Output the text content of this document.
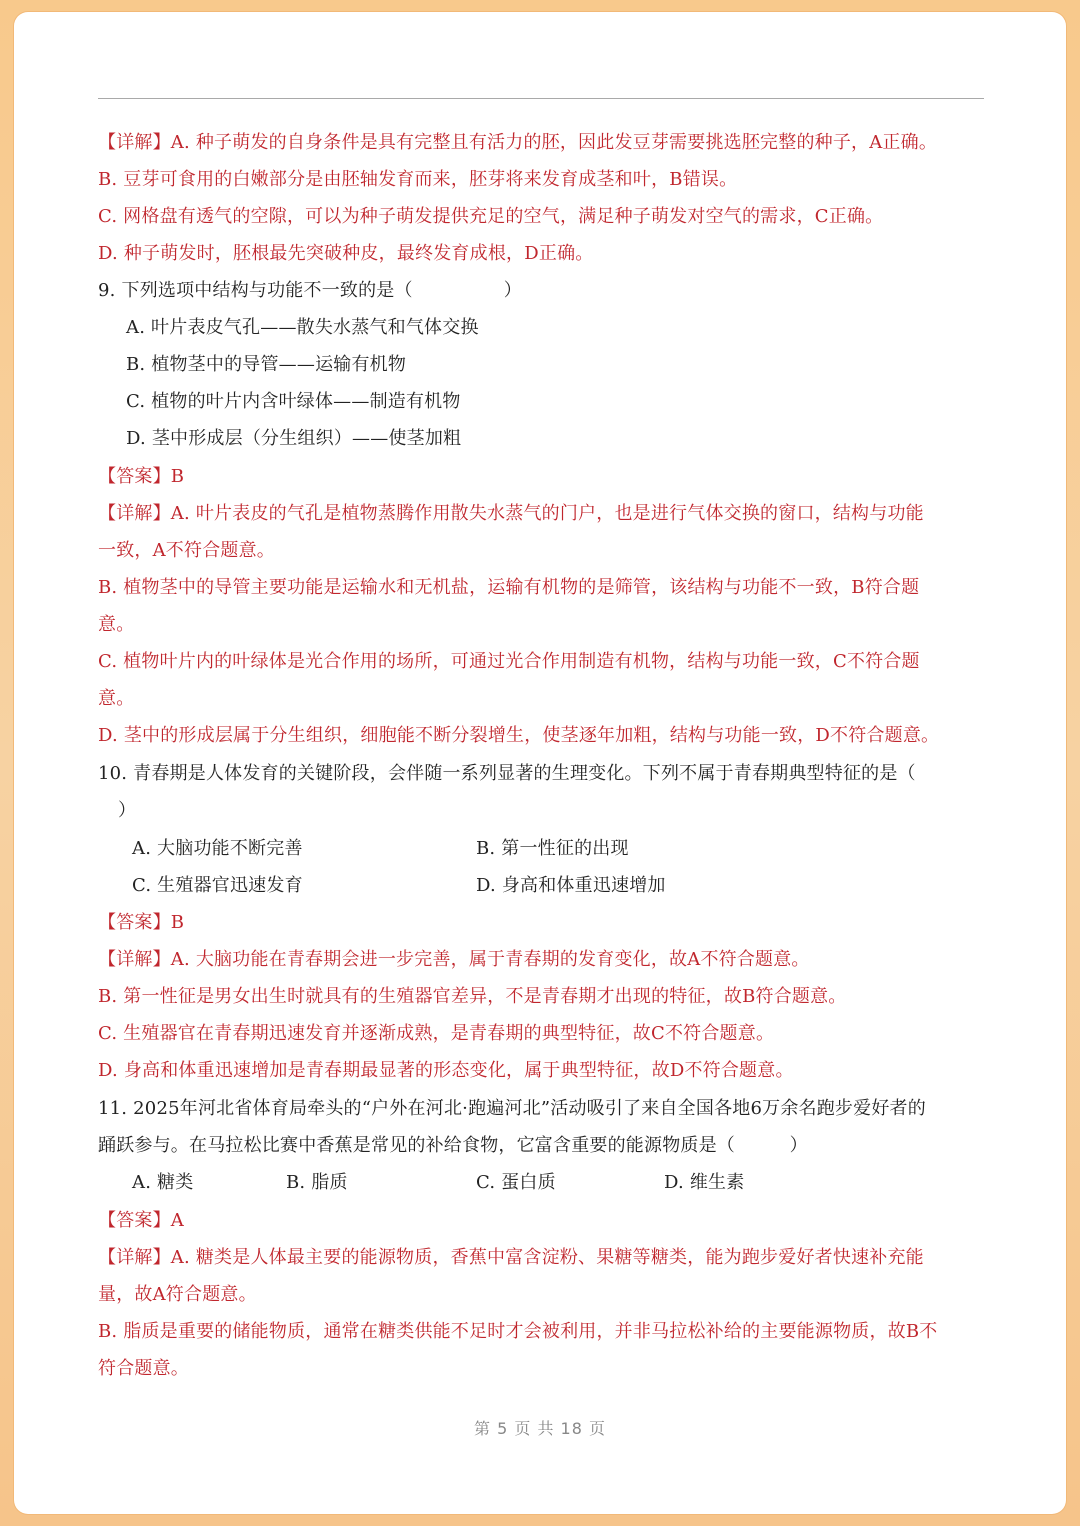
【详解】A. 种子萌发的自身条件是具有完整且有活力的胚，因此发豆芽需要挑选胚完整的种子，A正确。
B. 豆芽可食用的白嫩部分是由胚轴发育而来，胚芽将来发育成茎和叶，B错误。
C. 网格盘有透气的空隙，可以为种子萌发提供充足的空气，满足种子萌发对空气的需求，C正确。
D. 种子萌发时，胚根最先突破种皮，最终发育成根，D正确。
9. 下列选项中结构与功能不一致的是（　　　　　）
A. 叶片表皮气孔——散失水蒸气和气体交换
B. 植物茎中的导管——运输有机物
C. 植物的叶片内含叶绿体——制造有机物
D. 茎中形成层（分生组织）——使茎加粗
【答案】B
【详解】A. 叶片表皮的气孔是植物蒸腾作用散失水蒸气的门户，也是进行气体交换的窗口，结构与功能
一致，A不符合题意。
B. 植物茎中的导管主要功能是运输水和无机盐，运输有机物的是筛管，该结构与功能不一致，B符合题
意。
C. 植物叶片内的叶绿体是光合作用的场所，可通过光合作用制造有机物，结构与功能一致，C不符合题
意。
D. 茎中的形成层属于分生组织，细胞能不断分裂增生，使茎逐年加粗，结构与功能一致，D不符合题意。
10. 青春期是人体发育的关键阶段，会伴随一系列显著的生理变化。下列不属于青春期典型特征的是（
）
A. 大脑功能不断完善	B. 第一性征的出现
C. 生殖器官迅速发育	D. 身高和体重迅速增加
【答案】B
【详解】A. 大脑功能在青春期会进一步完善，属于青春期的发育变化，故A不符合题意。
B. 第一性征是男女出生时就具有的生殖器官差异，不是青春期才出现的特征，故B符合题意。
C. 生殖器官在青春期迅速发育并逐渐成熟，是青春期的典型特征，故C不符合题意。
D. 身高和体重迅速增加是青春期最显著的形态变化，属于典型特征，故D不符合题意。
11. 2025年河北省体育局牵头的“户外在河北·跑遍河北”活动吸引了来自全国各地6万余名跑步爱好者的
踊跃参与。在马拉松比赛中香蕉是常见的补给食物，它富含重要的能源物质是（　　　）
A. 糖类	B. 脂质	C. 蛋白质	D. 维生素
【答案】A
【详解】A. 糖类是人体最主要的能源物质，香蕉中富含淀粉、果糖等糖类，能为跑步爱好者快速补充能
量，故A符合题意。
B. 脂质是重要的储能物质，通常在糖类供能不足时才会被利用，并非马拉松补给的主要能源物质，故B不
符合题意。
第 5 页 共 18 页
